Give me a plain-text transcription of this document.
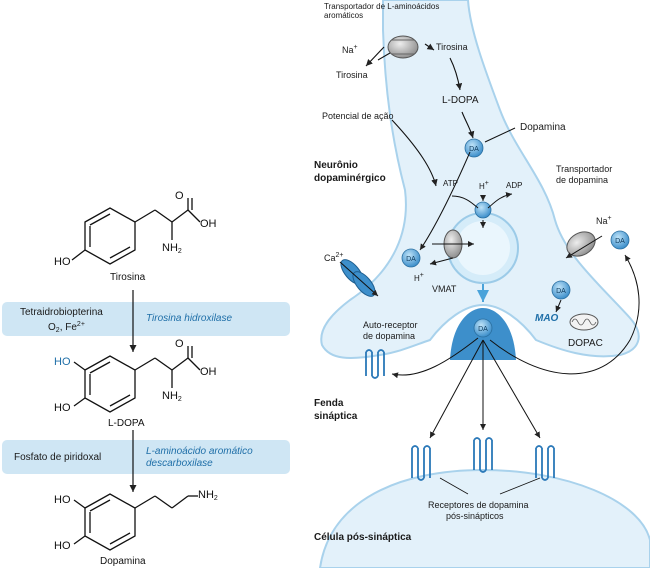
DA
DA
DA
DA
DA
O
OH
$NH_2$
HO
Tirosina
Tetraidrobiopterina
$O_2$, $Fe^{2+}$
Tirosina hidroxilase
O
HO
OH
$NH_2$
HO
L-DOPA
Fosfato de piridoxal
L-aminoácido aromático
descarboxilase
HO	$NH_2$
HO
Dopamina
Transportador de L-aminoácidos
aromáticos
Na+	Tirosina
Tirosina
L-DOPA
Potencial de ação
Dopamina
Neurônio
dopaminérgico	ATP	H+ ADP
Transportador
de dopamina
Na+
$Ca^{2+}$
H+
VMAT
MAO
DOPAC
Auto-receptor
de dopamina
Fenda
sináptica
Receptores de dopamina
pós-sinápticos
Célula pós-sináptica
